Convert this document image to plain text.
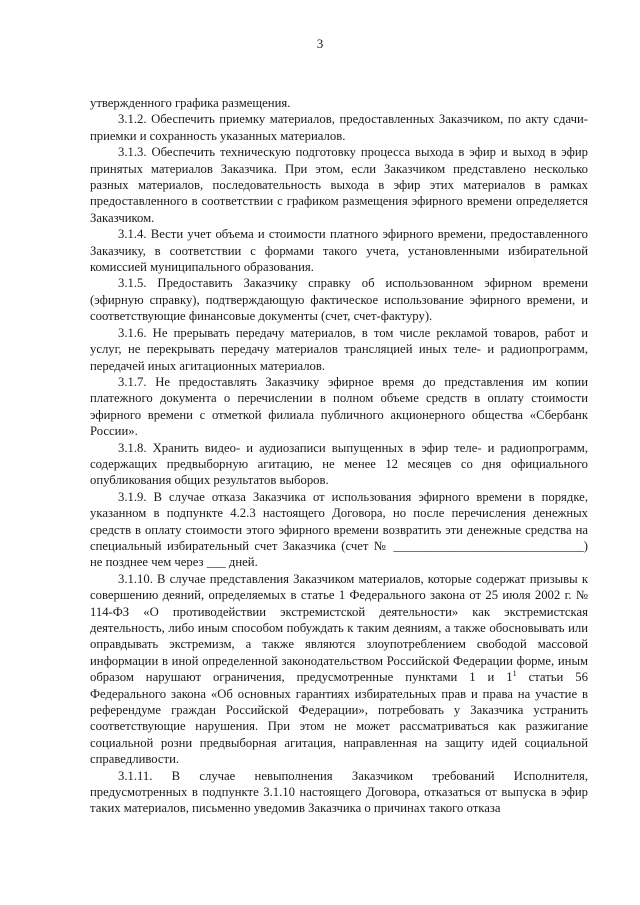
3

утвержденного графика размещения.

3.1.2. Обеспечить приемку материалов, предоставленных Заказчиком, по акту сдачи-приемки и сохранность указанных материалов.

3.1.3. Обеспечить техническую подготовку процесса выхода в эфир и выход в эфир принятых материалов Заказчика. При этом, если Заказчиком представлено несколько разных материалов, последовательность выхода в эфир этих материалов в рамках предоставленного в соответствии с графиком размещения эфирного времени определяется Заказчиком.

3.1.4. Вести учет объема и стоимости платного эфирного времени, предоставленного Заказчику, в соответствии с формами такого учета, установленными избирательной комиссией муниципального образования.

3.1.5. Предоставить Заказчику справку об использованном эфирном времени (эфирную справку), подтверждающую фактическое использование эфирного времени, и соответствующие финансовые документы (счет, счет-фактуру).

3.1.6. Не прерывать передачу материалов, в том числе рекламой товаров, работ и услуг, не перекрывать передачу материалов трансляцией иных теле- и радиопрограмм, передачей иных агитационных материалов.

3.1.7. Не предоставлять Заказчику эфирное время до представления им копии платежного документа о перечислении в полном объеме средств в оплату стоимости эфирного времени с отметкой филиала публичного акционерного общества «Сбербанк России».

3.1.8. Хранить видео- и аудиозаписи выпущенных в эфир теле- и радиопрограмм, содержащих предвыборную агитацию, не менее 12 месяцев со дня официального опубликования общих результатов выборов.

3.1.9. В случае отказа Заказчика от использования эфирного времени в порядке, указанном в подпункте 4.2.3 настоящего Договора, но после перечисления денежных средств в оплату стоимости этого эфирного времени возвратить эти денежные средства на специальный избирательный счет Заказчика (счет № ______________________________) не позднее чем через ___ дней.

3.1.10. В случае представления Заказчиком материалов, которые содержат призывы к совершению деяний, определяемых в статье 1 Федерального закона от 25 июля 2002 г. № 114-ФЗ «О противодействии экстремистской деятельности» как экстремистская деятельность, либо иным способом побуждать к таким деяниям, а также обосновывать или оправдывать экстремизм, а также являются злоупотреблением свободой массовой информации в иной определенной законодательством Российской Федерации форме, иным образом нарушают ограничения, предусмотренные пунктами 1 и $1^1$ статьи 56 Федерального закона «Об основных гарантиях избирательных прав и права на участие в референдуме граждан Российской Федерации», потребовать у Заказчика устранить соответствующие нарушения. При этом не может рассматриваться как разжигание социальной розни предвыборная агитация, направленная на защиту идей социальной справедливости.

3.1.11. В случае невыполнения Заказчиком требований Исполнителя, предусмотренных в подпункте 3.1.10 настоящего Договора, отказаться от выпуска в эфир таких материалов, письменно уведомив Заказчика о причинах такого отказа
